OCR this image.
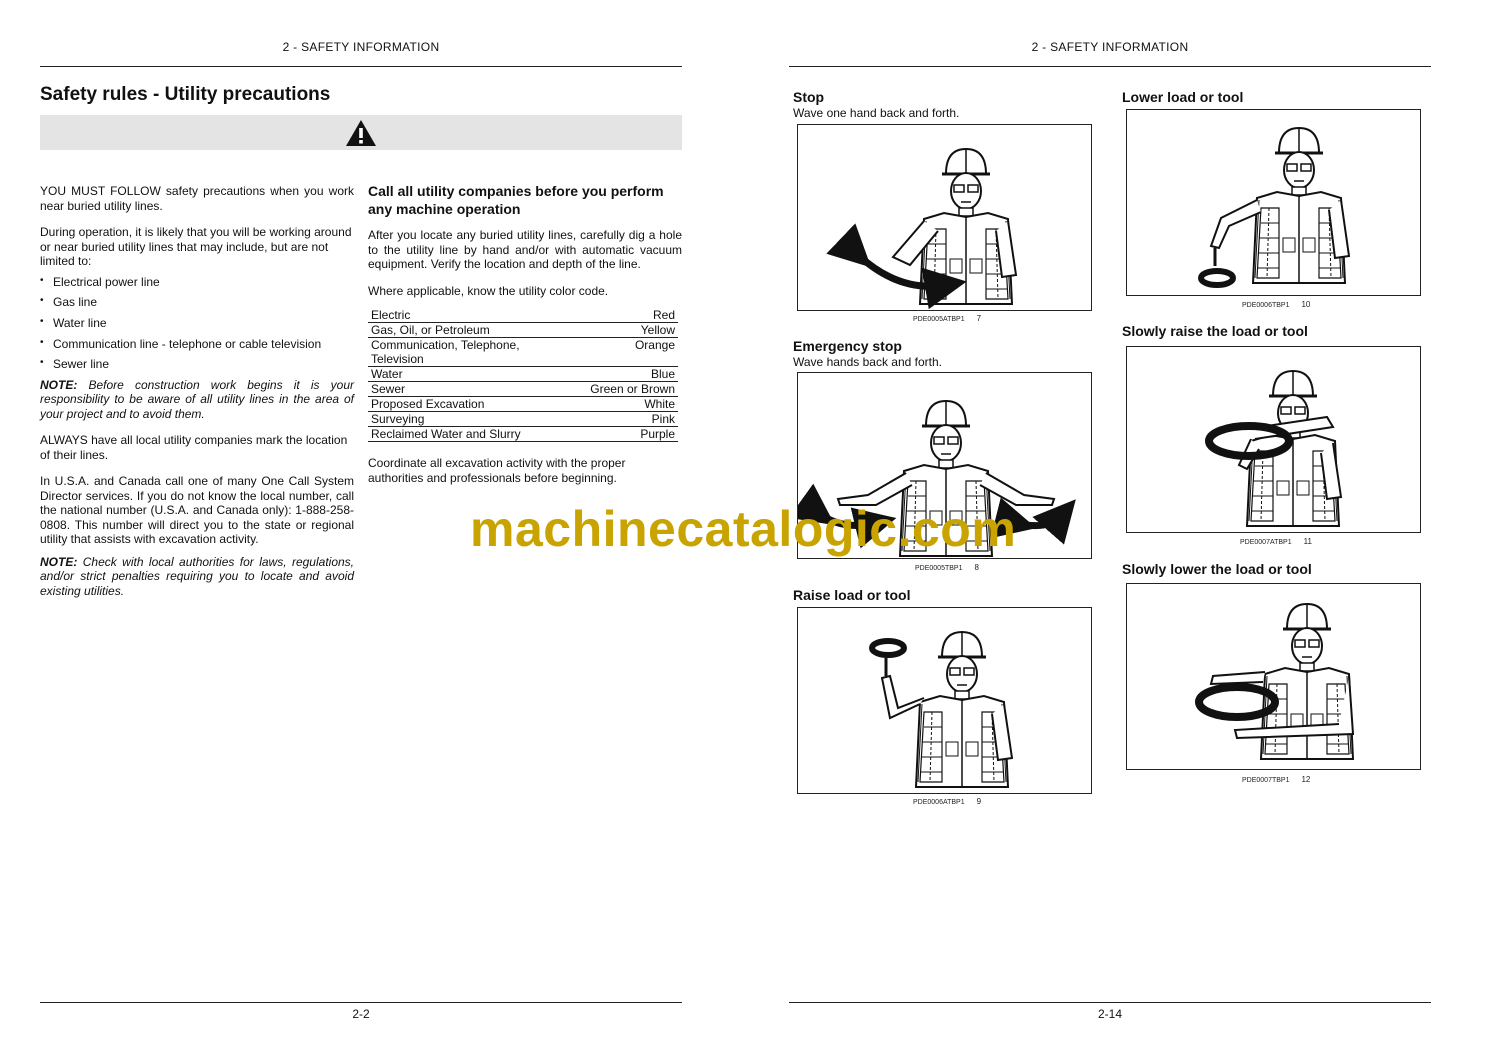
2 - SAFETY INFORMATION
Safety rules - Utility precautions
YOU MUST FOLLOW safety precautions when you work near buried utility lines.
During operation, it is likely that you will be working around or near buried utility lines that may include, but are not limited to:
• Electrical power line
• Gas line
• Water line
• Communication line - telephone or cable television
• Sewer line
NOTE: Before construction work begins it is your responsibility to be aware of all utility lines in the area of your project and to avoid them.
ALWAYS have all local utility companies mark the location of their lines.
In U.S.A. and Canada call one of many One Call System Director services. If you do not know the local number, call the national number (U.S.A. and Canada only): 1-888-258-0808. This number will direct you to the state or regional utility that assists with excavation activity.
NOTE: Check with local authorities for laws, regulations, and/or strict penalties requiring you to locate and avoid existing utilities.
Call all utility companies before you perform any machine operation
After you locate any buried utility lines, carefully dig a hole to the utility line by hand and/or with automatic vacuum equipment. Verify the location and depth of the line.
Where applicable, know the utility color code.
Electric	Red
Gas, Oil, or Petroleum	Yellow
Communication, Telephone, Television	Orange
Water	Blue
Sewer	Green or Brown
Proposed Excavation	White
Surveying	Pink
Reclaimed Water and Slurry	Purple
Coordinate all excavation activity with the proper authorities and professionals before beginning.
2-2
2 - SAFETY INFORMATION
Stop
Wave one hand back and forth.
PDE0005ATBP1 7
Emergency stop
Wave hands back and forth.
PDE0005TBP1 8
Raise load or tool
PDE0006ATBP1 9
Lower load or tool
PDE0006TBP1 10
Slowly raise the load or tool
PDE0007ATBP1 11
Slowly lower the load or tool
PDE0007TBP1 12
2-14
machinecatalogic.com
